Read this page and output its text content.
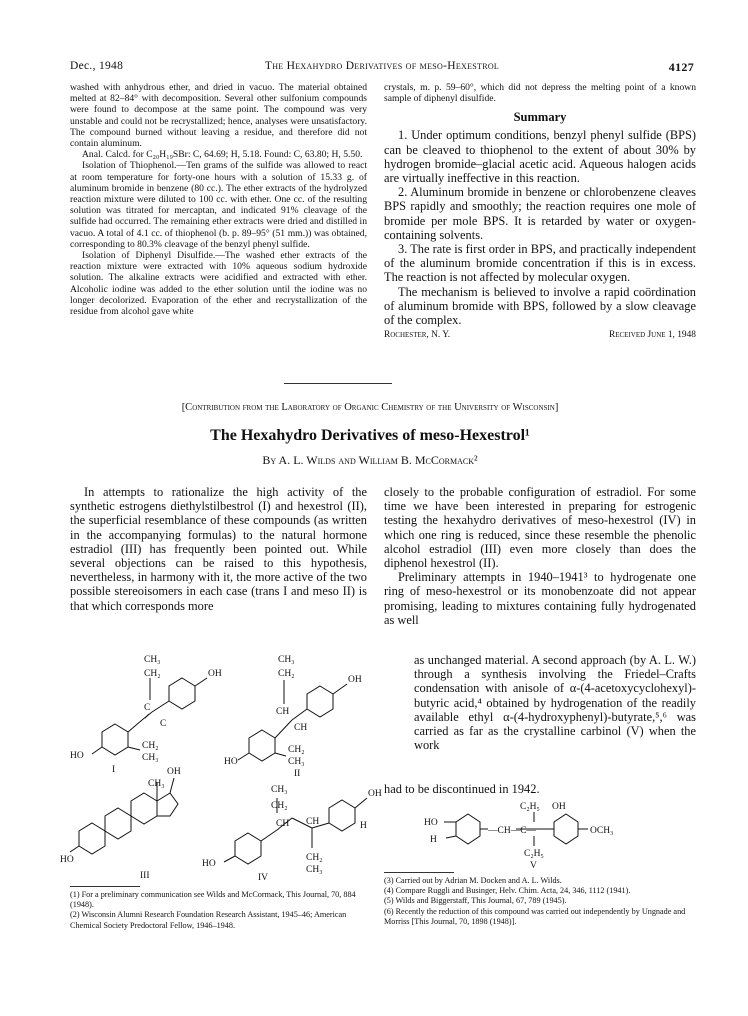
Dec., 1948	The Hexahydro Derivatives of meso-Hexestrol	4127

washed with anhydrous ether, and dried in vacuo. The material obtained melted at 82–84° with decomposition. Several other sulfonium compounds were found to decompose at the same point. The compound was very unstable and could not be recrystallized; hence, analyses were unsatisfactory. The compound burned without leaving a residue, and therefore did not contain aluminum.

Anal. Calcd. for C₂₀H₁₉SBr: C, 64.69; H, 5.18. Found: C, 63.80; H, 5.50.

Isolation of Thiophenol.—Ten grams of the sulfide was allowed to react at room temperature for forty-one hours with a solution of 15.33 g. of aluminum bromide in benzene (80 cc.). The ether extracts of the hydrolyzed reaction mixture were diluted to 100 cc. with ether. One cc. of the resulting solution was titrated for mercaptan, and indicated 91% cleavage of the sulfide had occurred. The remaining ether extracts were dried and distilled in vacuo. A total of 4.1 cc. of thiophenol (b. p. 89–95° (51 mm.)) was obtained, corresponding to 80.3% cleavage of the benzyl phenyl sulfide.

Isolation of Diphenyl Disulfide.—The washed ether extracts of the reaction mixture were extracted with 10% aqueous sodium hydroxide solution. The alkaline extracts were acidified and extracted with ether. Alcoholic iodine was added to the ether solution until the iodine was no longer decolorized. Evaporation of the ether and recrystallization of the residue from alcohol gave white

crystals, m. p. 59–60°, which did not depress the melting point of a known sample of diphenyl disulfide.

Summary

1. Under optimum conditions, benzyl phenyl sulfide (BPS) can be cleaved to thiophenol to the extent of about 30% by hydrogen bromide–glacial acetic acid. Aqueous halogen acids are virtually ineffective in this reaction.

2. Aluminum bromide in benzene or chlorobenzene cleaves BPS rapidly and smoothly; the reaction requires one mole of bromide per mole BPS. It is retarded by water or oxygen-containing solvents.

3. The rate is first order in BPS, and practically independent of the aluminum bromide concentration if this is in excess. The reaction is not affected by molecular oxygen.

The mechanism is believed to involve a rapid coördination of aluminum bromide with BPS, followed by a slow cleavage of the complex.

Rochester, N. Y.	Received June 1, 1948
[Contribution from the Laboratory of Organic Chemistry of the University of Wisconsin]
The Hexahydro Derivatives of meso-Hexestrol¹
By A. L. Wilds and William B. McCormack²

In attempts to rationalize the high activity of the synthetic estrogens diethylstilbestrol (I) and hexestrol (II), the superficial resemblance of these compounds (as written in the accompanying formulas) to the natural hormone estradiol (III) has frequently been pointed out. While several objections can be raised to this hypothesis, nevertheless, in harmony with it, the more active of the two possible stereoisomers in each case (trans I and meso II) is that which corresponds more

closely to the probable configuration of estradiol. For some time we have been interested in preparing for estrogenic testing the hexahydro derivatives of meso-hexestrol (IV) in which one ring is reduced, since these resemble the phenolic alcohol estradiol (III) even more closely than does the diphenol hexestrol (II).

Preliminary attempts in 1940–1941³ to hydrogenate one ring of meso-hexestrol or its monobenzoate did not appear promising, leading to mixtures containing fully hydrogenated as well

as unchanged material. A second approach (by A. L. W.) through a synthesis involving the Friedel–Crafts condensation with anisole of α-(4-acetoxycyclohexyl)-butyric acid,⁴ obtained by hydrogenation of the readily available ethyl α-(4-hydroxyphenyl)-butyrate,⁵,⁶ was carried as far as the crystalline carbinol (V) when the work

had to be discontinued in 1942.

CH₃
CH₂	OH
C
C
CH₂
CH₃
HO
I
CH₃
CH₂
OH
CH
CH
CH₂
CH₃
HO
II
OH
CH₃
HO
III
CH₃
CH₂
OH
H
CH CH
CH₂
CH₃
HO
IV
C₂H₅ OH
HO
H
—CH—C—	OCH₃
C₂H₅
V
(1) For a preliminary communication see Wilds and McCormack, This Journal, 70, 884 (1948).
(2) Wisconsin Alumni Research Foundation Research Assistant, 1945–46; American Chemical Society Predoctoral Fellow, 1946–1948.
(3) Carried out by Adrian M. Docken and A. L. Wilds.
(4) Compare Ruggli and Businger, Helv. Chim. Acta, 24, 346, 1112 (1941).
(5) Wilds and Biggerstaff, This Journal, 67, 789 (1945).
(6) Recently the reduction of this compound was carried out independently by Ungnade and Morriss [This Journal, 70, 1898 (1948)].
